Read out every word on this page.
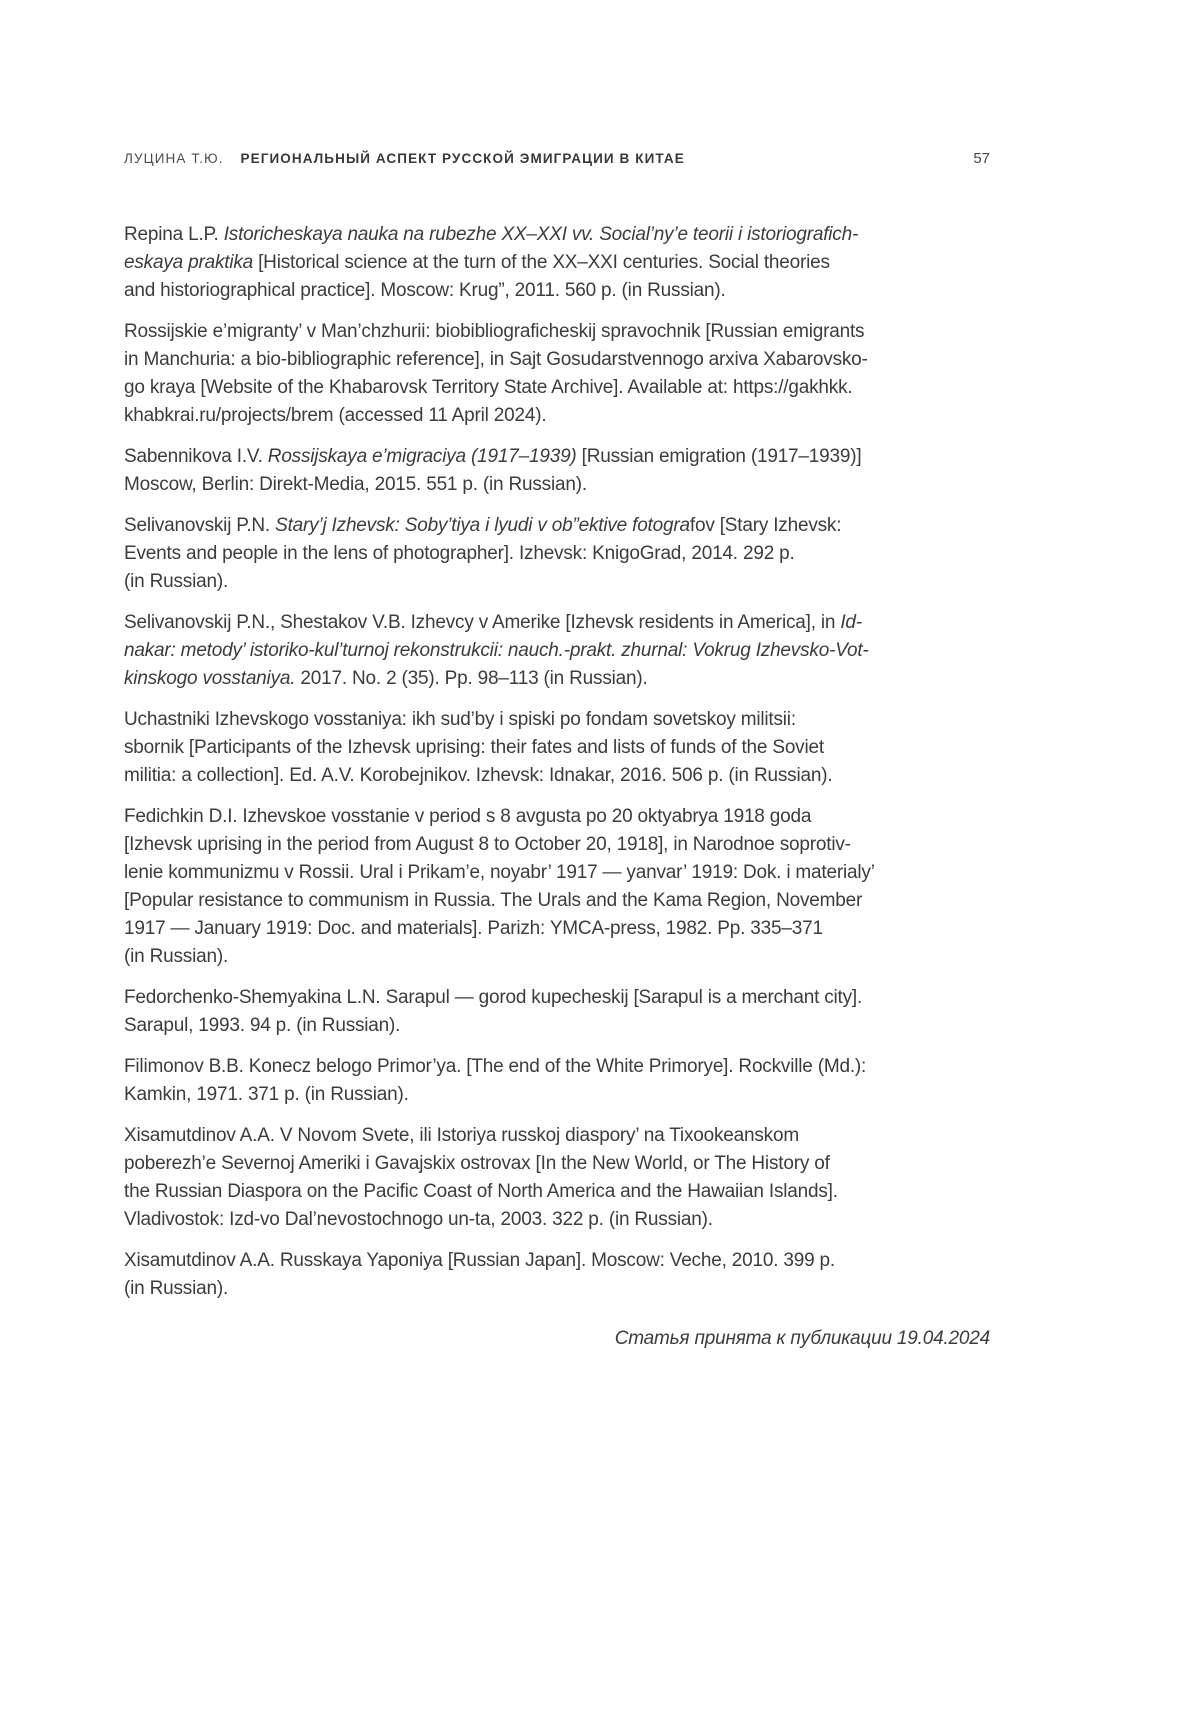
ЛУЦИНА Т.Ю. РЕГИОНАЛЬНЫЙ АСПЕКТ РУССКОЙ ЭМИГРАЦИИ В КИТАЕ	57

Repina L.P. Istoricheskaya nauka na rubezhe XX–XXI vv. Social’ny’e teorii i istoriografich-
eskaya praktika [Historical science at the turn of the XX–XXI centuries. Social theories
and historiographical practice]. Moscow: Krug”, 2011. 560 p. (in Russian).

Rossijskie e’migranty’ v Man’chzhurii: biobibliograficheskij spravochnik [Russian emigrants
in Manchuria: a bio-bibliographic reference], in Sajt Gosudarstvennogo arxiva Xabarovsko-
go kraya [Website of the Khabarovsk Territory State Archive]. Available at: https://gakhkk.
khabkrai.ru/projects/brem (accessed 11 April 2024).

Sabennikova I.V. Rossijskaya e’migraciya (1917–1939) [Russian emigration (1917–1939)]
Moscow, Berlin: Direkt-Media, 2015. 551 p. (in Russian).

Selivanovskij P.N. Stary’j Izhevsk: Soby’tiya i lyudi v ob”ektive fotografov [Stary Izhevsk:
Events and people in the lens of photographer]. Izhevsk: KnigoGrad, 2014. 292 p.
(in Russian).

Selivanovskij P.N., Shestakov V.B. Izhevcy v Amerike [Izhevsk residents in America], in Id-
nakar: metody’ istoriko-kul’turnoj rekonstrukcii: nauch.-prakt. zhurnal: Vokrug Izhevsko-Vot-
kinskogo vosstaniya. 2017. No. 2 (35). Pp. 98–113 (in Russian).

Uchastniki Izhevskogo vosstaniya: ikh sud’by i spiski po fondam sovetskoy militsii:
sbornik [Participants of the Izhevsk uprising: their fates and lists of funds of the Soviet
militia: a collection]. Ed. A.V. Korobejnikov. Izhevsk: Idnakar, 2016. 506 p. (in Russian).

Fedichkin D.I. Izhevskoe vosstanie v period s 8 avgusta po 20 oktyabrya 1918 goda
[Izhevsk uprising in the period from August 8 to October 20, 1918], in Narodnoe soprotiv-
lenie kommunizmu v Rossii. Ural i Prikam’e, noyabr’ 1917 — yanvar’ 1919: Dok. i materialy’
[Popular resistance to communism in Russia. The Urals and the Kama Region, November
1917 — January 1919: Doc. and materials]. Parizh: YMCA-press, 1982. Pp. 335–371
(in Russian).

Fedorchenko-Shemyakina L.N. Sarapul — gorod kupecheskij [Sarapul is a merchant city].
Sarapul, 1993. 94 p. (in Russian).

Filimonov B.B. Konecz belogo Primor’ya. [The end of the White Primorye]. Rockville (Md.):
Kamkin, 1971. 371 p. (in Russian).

Xisamutdinov A.A. V Novom Svete, ili Istoriya russkoj diaspory’ na Tixookeanskom
poberezh’e Severnoj Ameriki i Gavajskix ostrovax [In the New World, or The History of
the Russian Diaspora on the Pacific Coast of North America and the Hawaiian Islands].
Vladivostok: Izd-vo Dal’nevostochnogo un-ta, 2003. 322 p. (in Russian).

Xisamutdinov A.A. Russkaya Yaponiya [Russian Japan]. Moscow: Veche, 2010. 399 p.
(in Russian).

Статья принята к публикации 19.04.2024
